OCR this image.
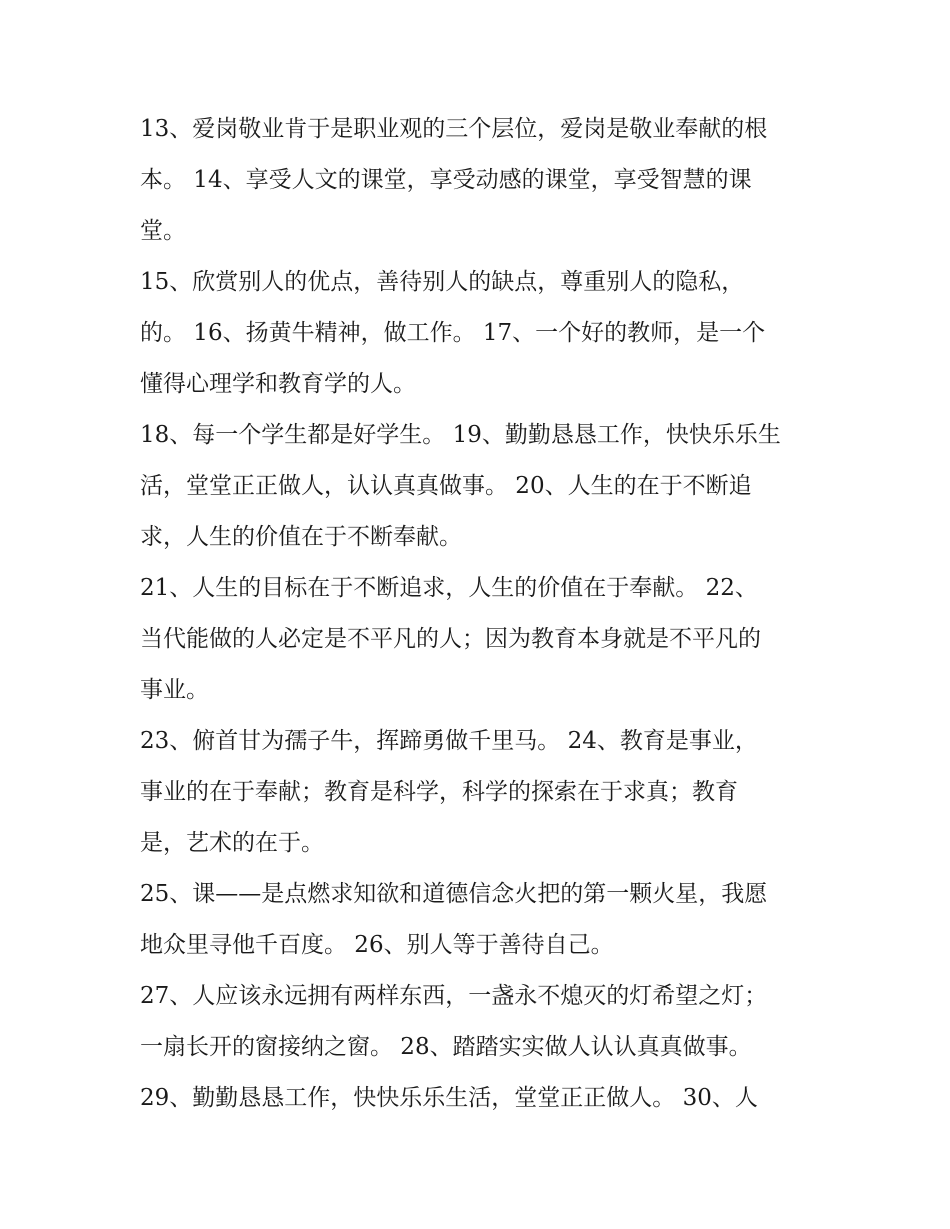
13、爱岗敬业肯于是职业观的三个层位，爱岗是敬业奉献的根
本。 14、享受人文的课堂，享受动感的课堂，享受智慧的课
堂。
15、欣赏别人的优点，善待别人的缺点，尊重别人的隐私，
的。 16、扬黄牛精神，做工作。 17、一个好的教师，是一个
懂得心理学和教育学的人。
18、每一个学生都是好学生。 19、勤勤恳恳工作，快快乐乐生
活，堂堂正正做人，认认真真做事。 20、人生的在于不断追
求，人生的价值在于不断奉献。
21、人生的目标在于不断追求，人生的价值在于奉献。 22、
当代能做的人必定是不平凡的人；因为教育本身就是不平凡的
事业。
23、俯首甘为孺子牛，挥蹄勇做千里马。 24、教育是事业，
事业的在于奉献；教育是科学，科学的探索在于求真；教育
是，艺术的在于。
25、课——是点燃求知欲和道德信念火把的第一颗火星，我愿
地众里寻他千百度。 26、别人等于善待自己。
27、人应该永远拥有两样东西，一盏永不熄灭的灯希望之灯；
一扇长开的窗接纳之窗。 28、踏踏实实做人认认真真做事。
29、勤勤恳恳工作，快快乐乐生活，堂堂正正做人。 30、人
